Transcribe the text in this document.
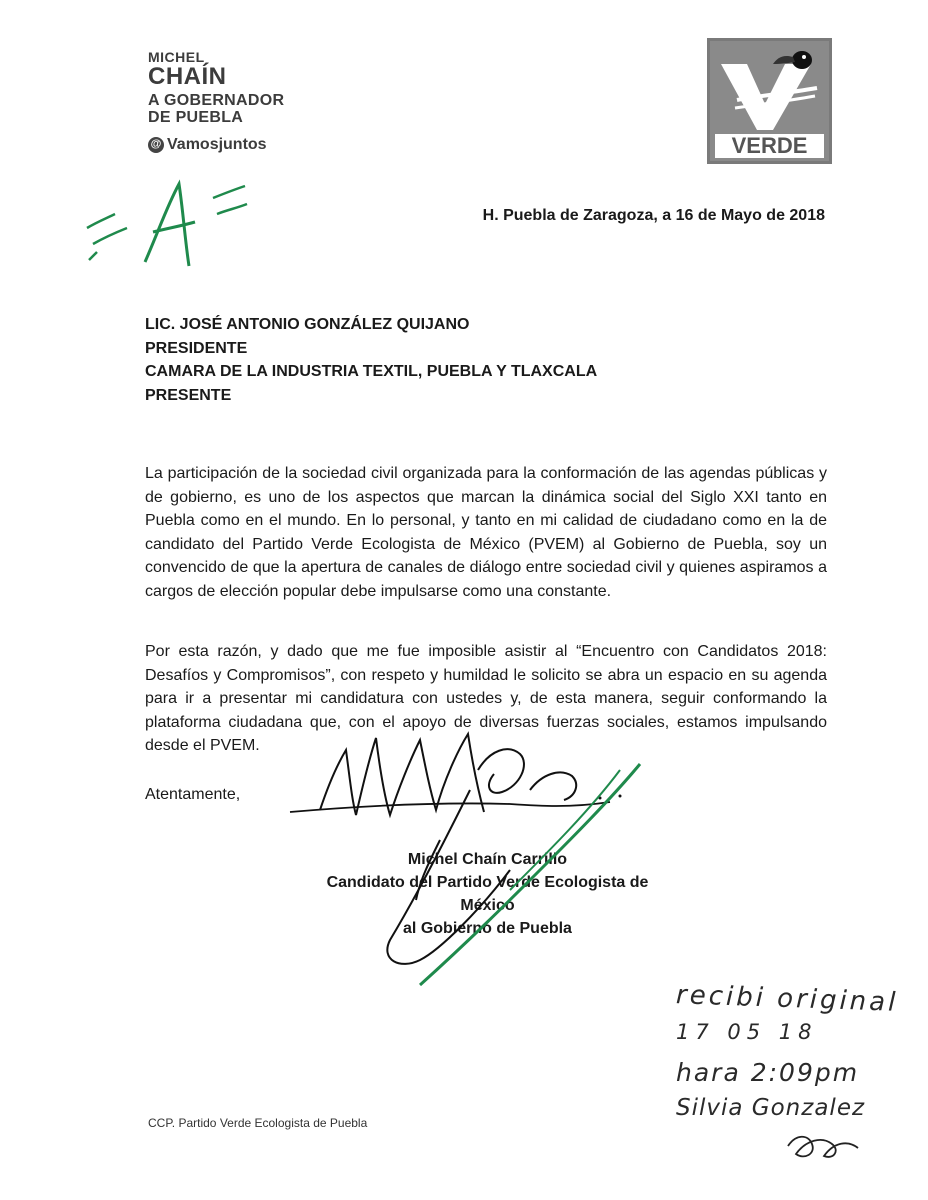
MICHEL
CHAÍN
A GOBERNADOR
DE PUEBLA
@ Vamosjuntos	VERDE
H. Puebla de Zaragoza, a 16 de Mayo de 2018
LIC. JOSÉ ANTONIO GONZÁLEZ QUIJANO
PRESIDENTE
CAMARA DE LA INDUSTRIA TEXTIL, PUEBLA Y TLAXCALA
PRESENTE
La participación de la sociedad civil organizada para la conformación de las agendas públicas y de gobierno, es uno de los aspectos que marcan la dinámica social del Siglo XXI tanto en Puebla como en el mundo. En lo personal, y tanto en mi calidad de ciudadano como en la de candidato del Partido Verde Ecologista de México (PVEM) al Gobierno de Puebla, soy un convencido de que la apertura de canales de diálogo entre sociedad civil y quienes aspiramos a cargos de elección popular debe impulsarse como una constante.
Por esta razón, y dado que me fue imposible asistir al “Encuentro con Candidatos 2018: Desafíos y Compromisos”, con respeto y humildad le solicito se abra un espacio en su agenda para ir a presentar mi candidatura con ustedes y, de esta manera, seguir conformando la plataforma ciudadana que, con el apoyo de diversas fuerzas sociales, estamos impulsando desde el PVEM.
Atentamente,
Michel Chaín Carrillo
Candidato del Partido Verde Ecologista de México
al Gobierno de Puebla
recibi original
17 05 18
hara 2:09pm
Silvia Gonzalez
CCP. Partido Verde Ecologista de Puebla
